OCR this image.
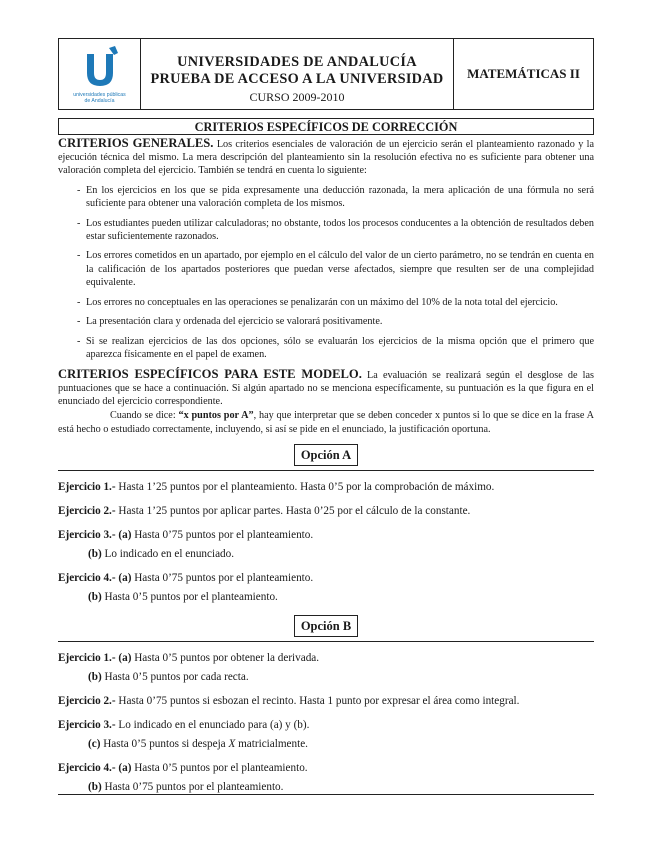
universidades públicas
de Andalucía
UNIVERSIDADES DE ANDALUCÍA
PRUEBA DE ACCESO A LA UNIVERSIDAD
CURSO 2009-2010
MATEMÁTICAS II
CRITERIOS ESPECÍFICOS DE CORRECCIÓN

CRITERIOS GENERALES. Los criterios esenciales de valoración de un ejercicio serán el planteamiento razonado y la ejecución técnica del mismo. La mera descripción del planteamiento sin la resolución efectiva no es suficiente para obtener una valoración completa del ejercicio. También se tendrá en cuenta lo siguiente:

- En los ejercicios en los que se pida expresamente una deducción razonada, la mera aplicación de una fórmula no será suficiente para obtener una valoración completa de los mismos.
- Los estudiantes pueden utilizar calculadoras; no obstante, todos los procesos conducentes a la obtención de resultados deben estar suficientemente razonados.
- Los errores cometidos en un apartado, por ejemplo en el cálculo del valor de un cierto parámetro, no se tendrán en cuenta en la calificación de los apartados posteriores que puedan verse afectados, siempre que resulten ser de una complejidad equivalente.
- Los errores no conceptuales en las operaciones se penalizarán con un máximo del 10% de la nota total del ejercicio.
- La presentación clara y ordenada del ejercicio se valorará positivamente.
- Si se realizan ejercicios de las dos opciones, sólo se evaluarán los ejercicios de la misma opción que el primero que aparezca físicamente en el papel de examen.

CRITERIOS ESPECÍFICOS PARA ESTE MODELO. La evaluación se realizará según el desglose de las puntuaciones que se hace a continuación. Si algún apartado no se menciona específicamente, su puntuación es la que figura en el enunciado del ejercicio correspondiente.

Cuando se dice: “x puntos por A”, hay que interpretar que se deben conceder x puntos si lo que se dice en la frase A está hecho o estudiado correctamente, incluyendo, si así se pide en el enunciado, la justificación oportuna.

Opción A

Ejercicio 1.- Hasta 1’25 puntos por el planteamiento. Hasta 0’5 por la comprobación de máximo.

Ejercicio 2.- Hasta 1’25 puntos por aplicar partes. Hasta 0’25 por el cálculo de la constante.

Ejercicio 3.- (a) Hasta 0’75 puntos por el planteamiento.

(b) Lo indicado en el enunciado.

Ejercicio 4.- (a) Hasta 0’75 puntos por el planteamiento.

(b) Hasta 0’5 puntos por el planteamiento.

Opción B

Ejercicio 1.- (a) Hasta 0’5 puntos por obtener la derivada.

(b) Hasta 0’5 puntos por cada recta.

Ejercicio 2.- Hasta 0’75 puntos si esbozan el recinto. Hasta 1 punto por expresar el área como integral.

Ejercicio 3.- Lo indicado en el enunciado para (a) y (b).

(c) Hasta 0’5 puntos si despeja X matricialmente.

Ejercicio 4.- (a) Hasta 0’5 puntos por el planteamiento.

(b) Hasta 0’75 puntos por el planteamiento.
